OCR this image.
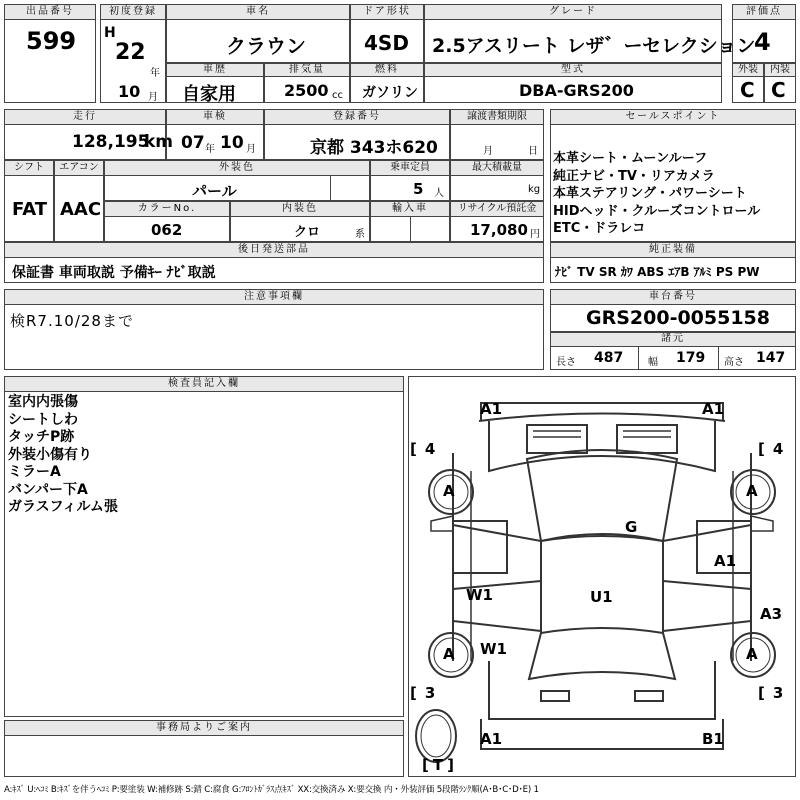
出品番号
599
初度登録
H
22
年
10 月
車名
クラウン
ドア形状
4SD
グレード
2.5アスリート レザ゛ーセレクション
評価点
4
車歴
自家用
排気量
2500 cc
燃料
ガソリン
型式
DBA-GRS200
外装
C
内装
C
走行
128,195
km
車検
07 年 10 月
登録番号
京都 343ホ620
譲渡書類期限
月	日
シフト
FAT
エアコン
AAC
外装色
パール
乗車定員
5 人
最大積載量
kg
カラーNo.
062
内装色
クロ	系
輸入車	リサイクル預託金
17,080 円
後日発送部品
保証書 車両取説 予備ｷｰ ﾅﾋﾞ取説
セールスポイント
本革シート・ムーンルーフ
純正ナビ・TV・リアカメラ
本革ステアリング・パワーシート
HIDヘッド・クルーズコントロール
ETC・ドラレコ
純正装備
ﾅﾋﾞ TV SR ｶﾜ ABS ｴｱB ｱﾙﾐ PS PW
注意事項欄
検R7.10/28まで
車台番号
GRS200-0055158
諸元
長さ 487 幅 179 高さ 147
検査員記入欄
室内内張傷
シートしわ
タッチP跡
外装小傷有り
ミラーA
バンパー下A
ガラスフィルム張
事務局よりご案内
A1	A1
[ 4	[ 4
A	A
G
A1
W1	U1
A3
W1
A	A
[ 3	[ 3
A1	B1
[ T ]
A:ｷｽﾞ U:ﾍｺﾐ B:ｷｽﾞを伴うﾍｺﾐ P:要塗装 W:補修跡 S:錆 C:腐食 G:ﾌﾛﾝﾄｶﾞﾗｽ点ｷｽﾞ XX:交換済み X:要交換 内・外装評価 5段階ﾗﾝｸ順(A･B･C･D･E) 1
